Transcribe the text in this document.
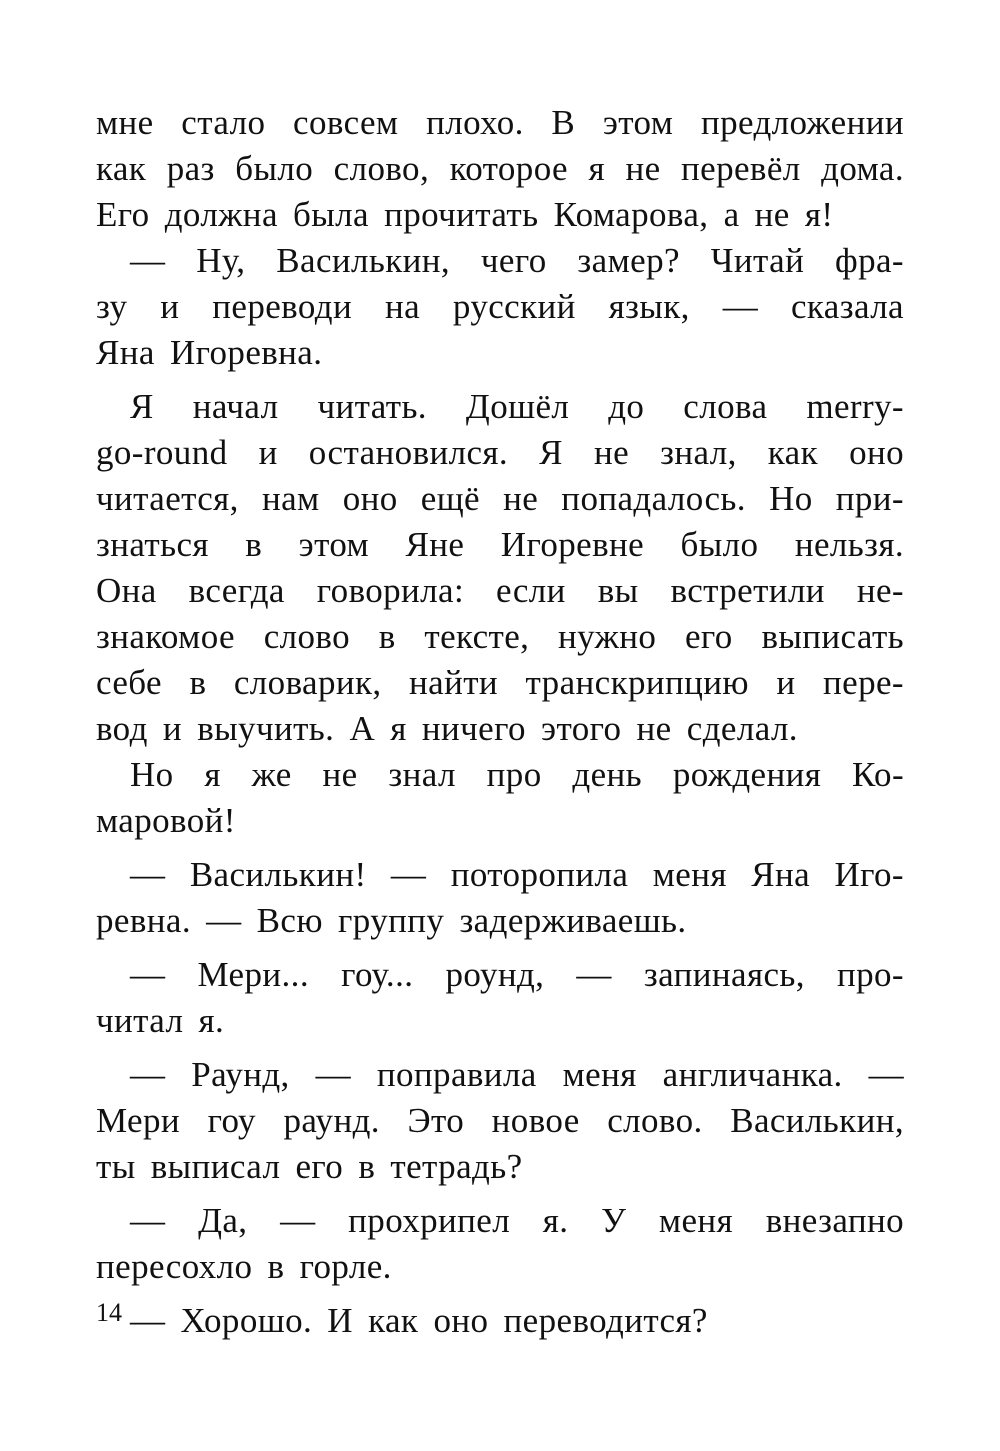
мне стало совсем плохо. В этом предложении
как раз было слово, которое я не перевёл дома.
Его должна была прочитать Комарова, а не я!
— Ну, Василькин, чего замер? Читай фра-
зу и переводи на русский язык, — сказала
Яна Игоревна.
Я начал читать. Дошёл до слова merry-
go-round и остановился. Я не знал, как оно
читается, нам оно ещё не попадалось. Но при-
знаться в этом Яне Игоревне было нельзя.
Она всегда говорила: если вы встретили не-
знакомое слово в тексте, нужно его выписать
себе в словарик, найти транскрипцию и пере-
вод и выучить. А я ничего этого не сделал.
Но я же не знал про день рождения Ко-
маровой!
— Василькин! — поторопила меня Яна Иго-
ревна. — Всю группу задерживаешь.
— Мери... гоу... роунд, — запинаясь, про-
читал я.
— Раунд, — поправила меня англичанка. —
Мери гоу раунд. Это новое слово. Василькин,
ты выписал его в тетрадь?
— Да, — прохрипел я. У меня внезапно
пересохло в горле.
— Хорошо. И как оно переводится?
14
